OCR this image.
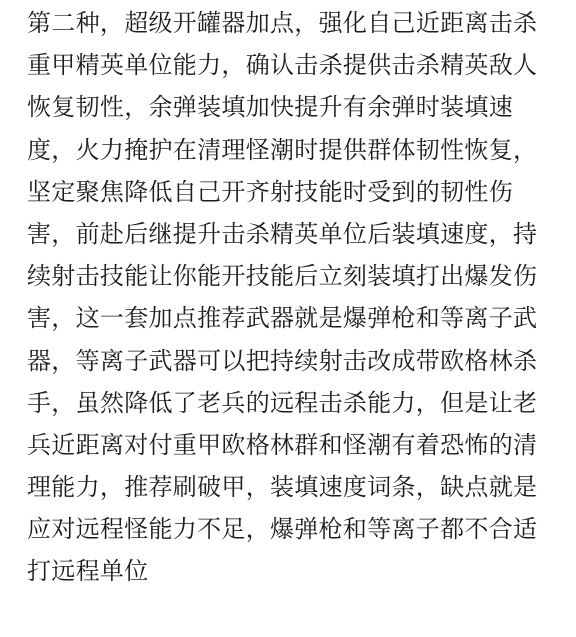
第二种，超级开罐器加点，强化自己近距离击杀
重甲精英单位能力，确认击杀提供击杀精英敌人
恢复韧性，余弹装填加快提升有余弹时装填速
度，火力掩护在清理怪潮时提供群体韧性恢复，
坚定聚焦降低自己开齐射技能时受到的韧性伤
害，前赴后继提升击杀精英单位后装填速度，持
续射击技能让你能开技能后立刻装填打出爆发伤
害，这一套加点推荐武器就是爆弹枪和等离子武
器，等离子武器可以把持续射击改成带欧格林杀
手，虽然降低了老兵的远程击杀能力，但是让老
兵近距离对付重甲欧格林群和怪潮有着恐怖的清
理能力，推荐刷破甲，装填速度词条，缺点就是
应对远程怪能力不足，爆弹枪和等离子都不合适
打远程单位
